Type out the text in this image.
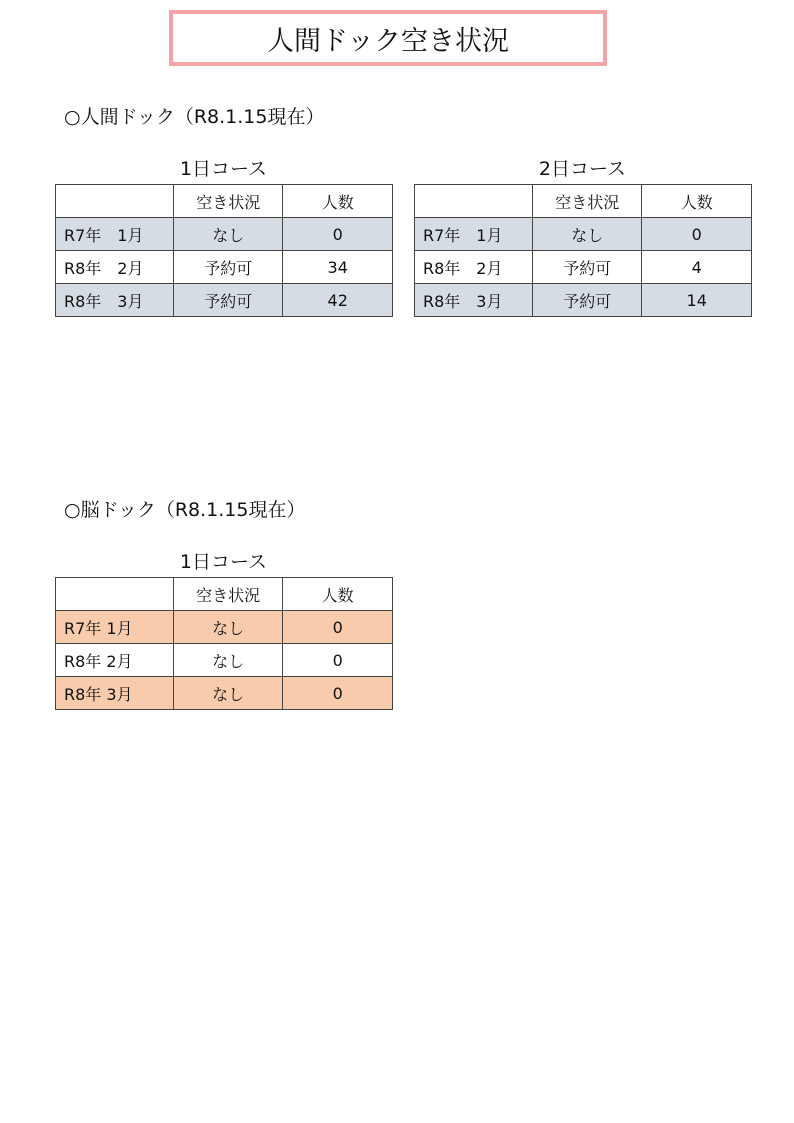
人間ドック空き状況
○人間ドック（R8.1.15現在）
1日コース	2日コース
	空き状況	人数
R7年　1月	なし	0
R8年　2月	予約可	34
R8年　3月	予約可	42
	空き状況	人数
R7年　1月	なし	0
R8年　2月	予約可	4
R8年　3月	予約可	14
○脳ドック（R8.1.15現在）
1日コース
	空き状況	人数
R7年 1月	なし	0
R8年 2月	なし	0
R8年 3月	なし	0
